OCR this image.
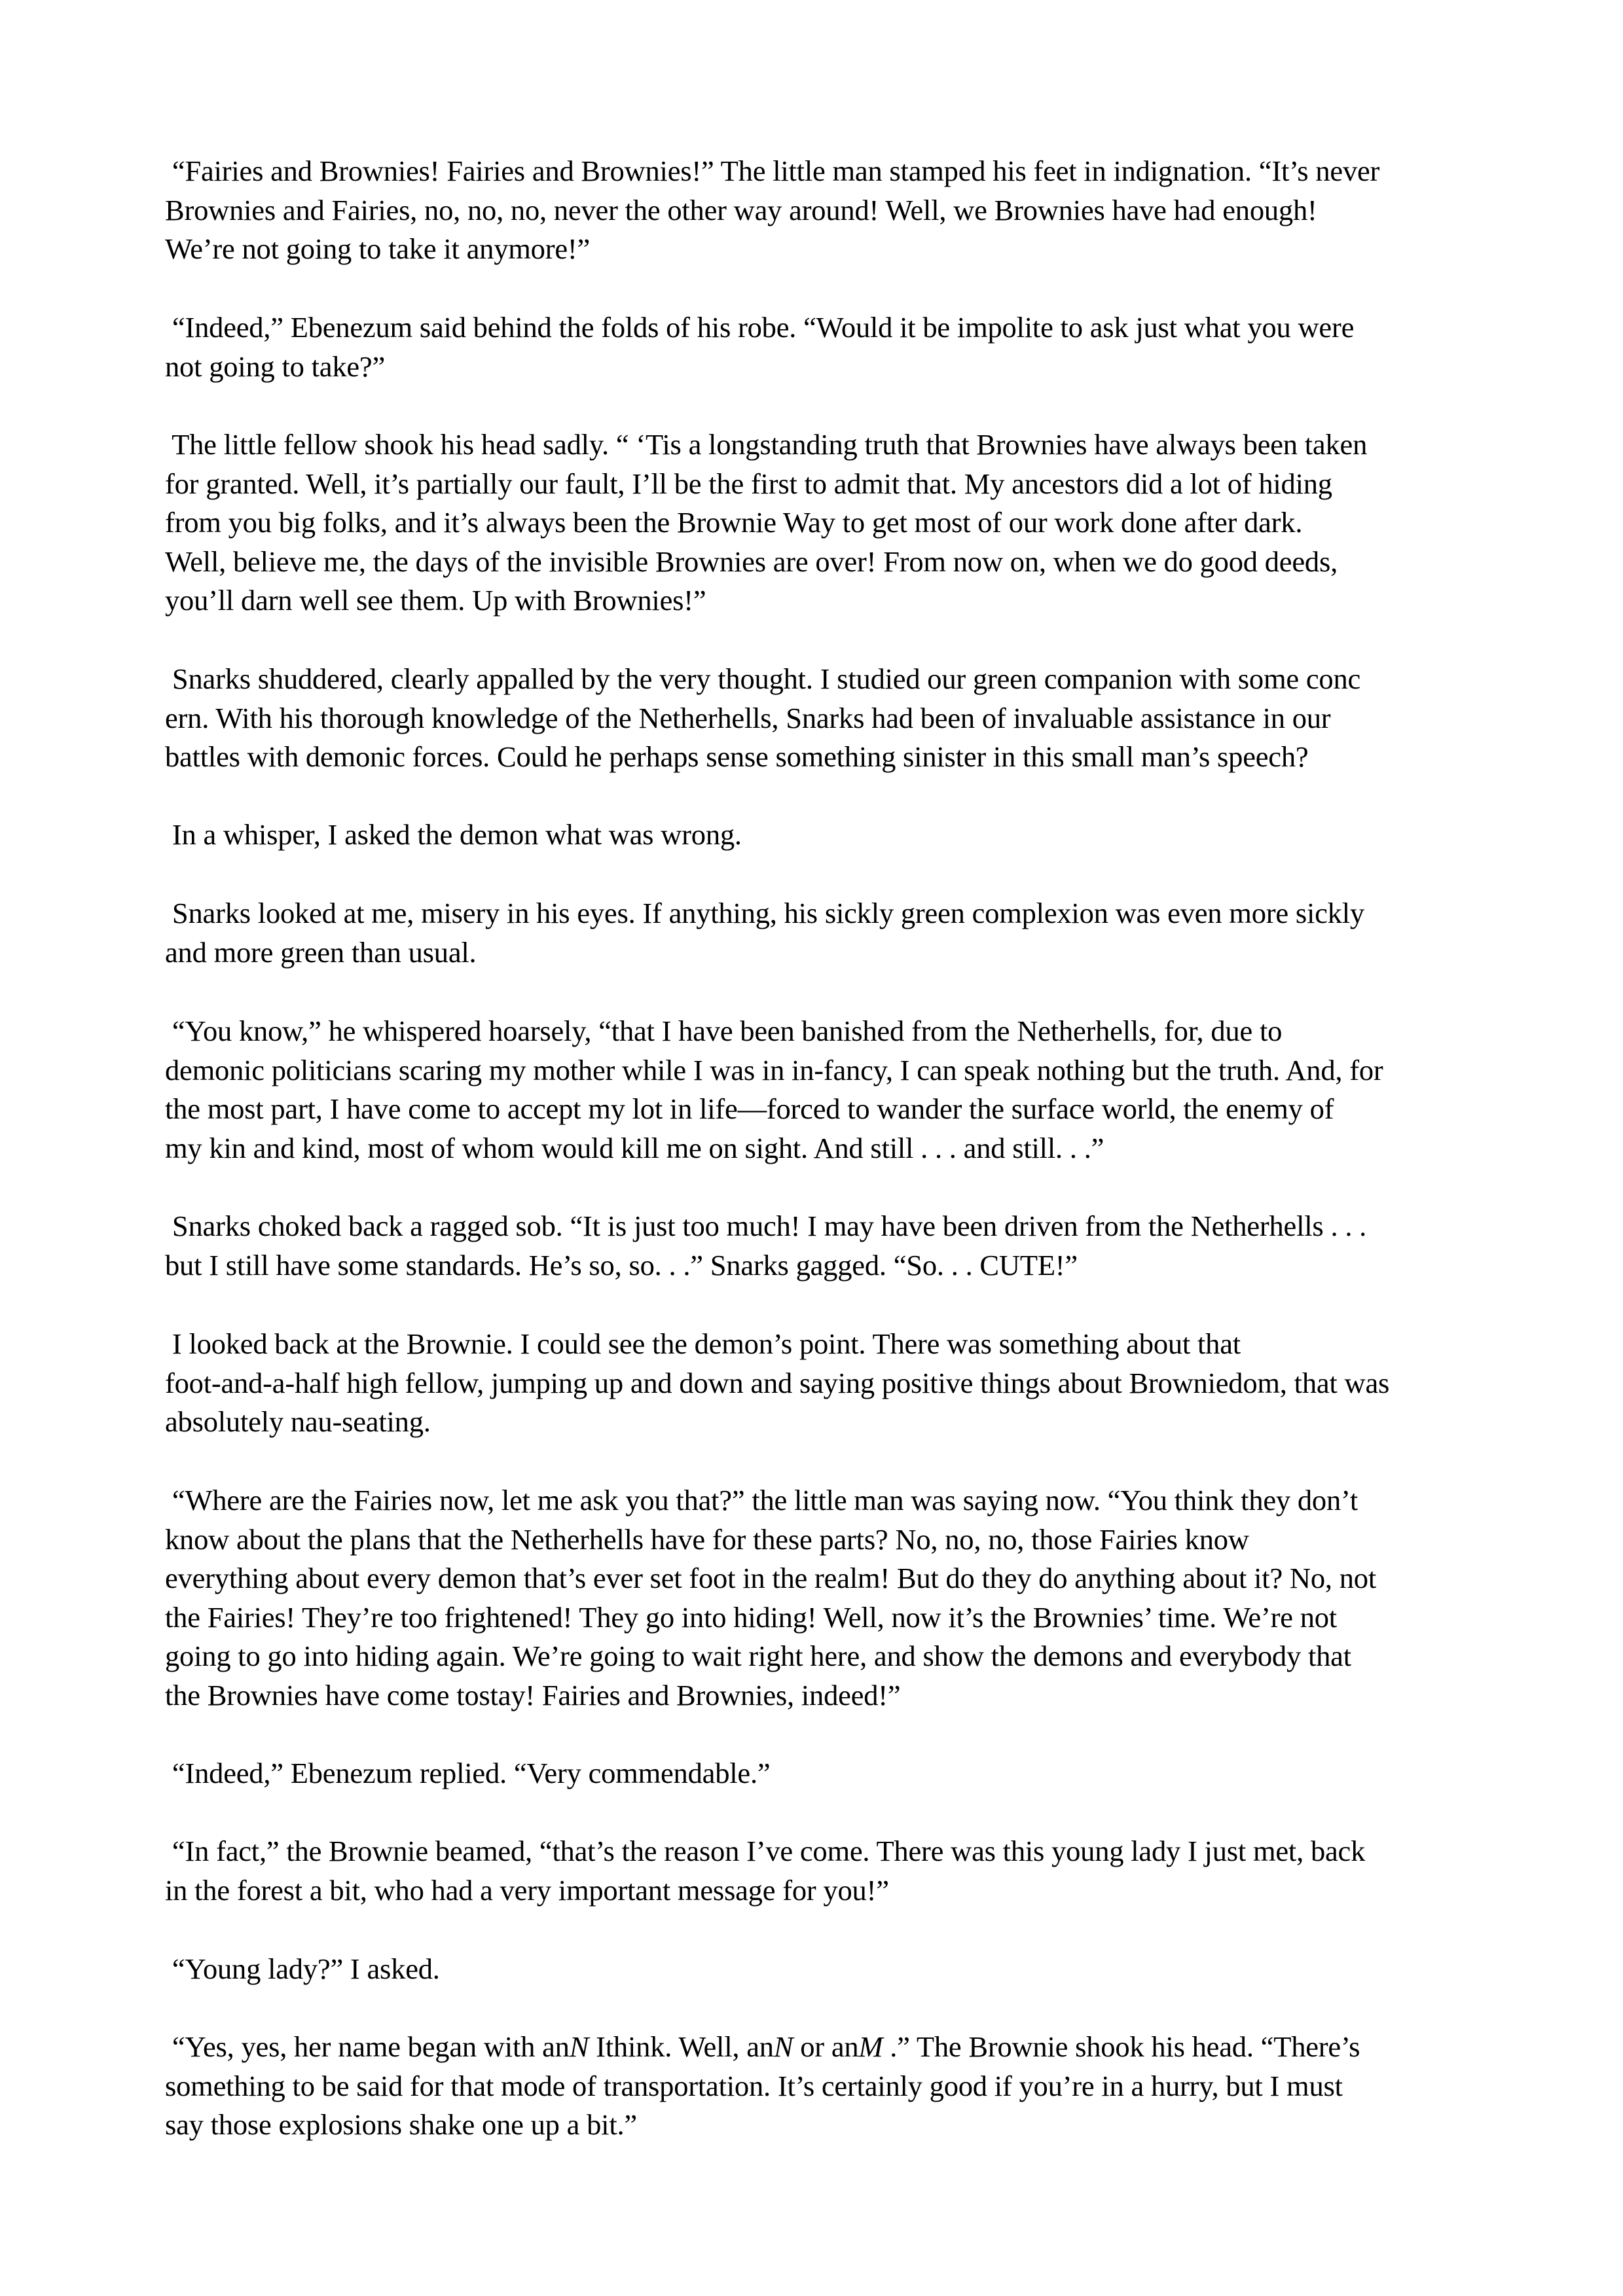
“Fairies and Brownies! Fairies and Brownies!” The little man stamped his feet in indignation. “It’s never
Brownies and Fairies, no, no, no, never the other way around! Well, we Brownies have had enough!
We’re not going to take it anymore!”

“Indeed,” Ebenezum said behind the folds of his robe. “Would it be impolite to ask just what you were
not going to take?”

The little fellow shook his head sadly. “ ‘Tis a longstanding truth that Brownies have always been taken
for granted. Well, it’s partially our fault, I’ll be the first to admit that. My ancestors did a lot of hiding
from you big folks, and it’s always been the Brownie Way to get most of our work done after dark.
Well, believe me, the days of the invisible Brownies are over! From now on, when we do good deeds,
you’ll darn well see them. Up with Brownies!”

Snarks shuddered, clearly appalled by the very thought. I studied our green companion with some conc
ern. With his thorough knowledge of the Netherhells, Snarks had been of invaluable assistance in our
battles with demonic forces. Could he perhaps sense something sinister in this small man’s speech?

In a whisper, I asked the demon what was wrong.

Snarks looked at me, misery in his eyes. If anything, his sickly green complexion was even more sickly
and more green than usual.

“You know,” he whispered hoarsely, “that I have been banished from the Netherhells, for, due to
demonic politicians scaring my mother while I was in in-fancy, I can speak nothing but the truth. And, for
the most part, I have come to accept my lot in life—forced to wander the surface world, the enemy of
my kin and kind, most of whom would kill me on sight. And still . . . and still. . .”

Snarks choked back a ragged sob. “It is just too much! I may have been driven from the Netherhells . . .
but I still have some standards. He’s so, so. . .” Snarks gagged. “So. . . CUTE!”

I looked back at the Brownie. I could see the demon’s point. There was something about that
foot-and-a-half high fellow, jumping up and down and saying positive things about Browniedom, that was
absolutely nau-seating.

“Where are the Fairies now, let me ask you that?” the little man was saying now. “You think they don’t
know about the plans that the Netherhells have for these parts? No, no, no, those Fairies know
everything about every demon that’s ever set foot in the realm! But do they do anything about it? No, not
the Fairies! They’re too frightened! They go into hiding! Well, now it’s the Brownies’ time. We’re not
going to go into hiding again. We’re going to wait right here, and show the demons and everybody that
the Brownies have come tostay! Fairies and Brownies, indeed!”

“Indeed,” Ebenezum replied. “Very commendable.”

“In fact,” the Brownie beamed, “that’s the reason I’ve come. There was this young lady I just met, back
in the forest a bit, who had a very important message for you!”

“Young lady?” I asked.

“Yes, yes, her name began with anN Ithink. Well, anN or anM .” The Brownie shook his head. “There’s
something to be said for that mode of transportation. It’s certainly good if you’re in a hurry, but I must
say those explosions shake one up a bit.”
